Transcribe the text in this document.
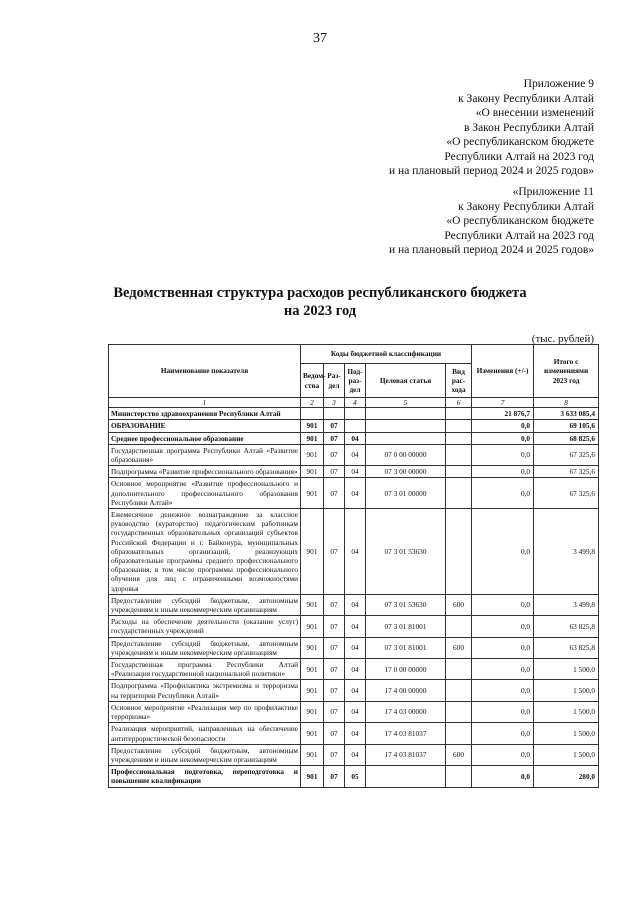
37
Приложение 9
к Закону Республики Алтай
«О внесении изменений
в Закон Республики Алтай
«О республиканском бюджете
Республики Алтай на 2023 год
и на плановый период 2024 и 2025 годов»
«Приложение 11
к Закону Республики Алтай
«О республиканском бюджете
Республики Алтай на 2023 год
и на плановый период 2024 и 2025 годов»
Ведомственная структура расходов республиканского бюджета
на 2023 год
(тыс. рублей)
Наименование показателя	Коды бюджетной классификации					Изменения (+/-)	Итого с изменениями 2023 год
	Ведом-ства	Раз-дел	Под-раз-дел	Целевая статья	Вид рас-хода		
1	2	3	4	5	6	7	8
Министерство здравоохранения Республики Алтай						21 876,7	3 633 085,4
ОБРАЗОВАНИЕ	901	07				0,0	69 105,6
Среднее профессиональное образование	901	07	04			0,0	68 825,6
Государственная программа Республики Алтай «Развитие образования»	901	07	04	07 0 00 00000		0,0	67 325,6
Подпрограмма «Развитие профессионального образования»	901	07	04	07 3 00 00000		0,0	67 325,6
Основное мероприятие «Развитие профессионального и дополнительного профессионального образования Республики Алтай»	901	07	04	07 3 01 00000		0,0	67 325,6
Ежемесячное денежное вознаграждение за классное руководство (кураторство) педагогическим работникам государственных образовательных организаций субъектов Российской Федерации и г. Байконура, муниципальных образовательных организаций, реализующих образовательные программы среднего профессионального образования, в том числе программы профессионального обучения для лиц с ограниченными возможностями здоровья	901	07	04	07 3 01 53630		0,0	3 499,8
Предоставление субсидий бюджетным, автономным учреждениям и иным некоммерческим организациям	901	07	04	07 3 01 53630	600	0,0	3 499,8
Расходы на обеспечение деятельности (оказание услуг) государственных учреждений	901	07	04	07 3 01 81001		0,0	63 825,8
Предоставление субсидий бюджетным, автономным учреждениям и иным некоммерческим организациям	901	07	04	07 3 01 81001	600	0,0	63 825,8
Государственная программа Республики Алтай «Реализация государственной национальной политики»	901	07	04	17 0 00 00000		0,0	1 500,0
Подпрограмма «Профилактика экстремизма и терроризма на территории Республики Алтай»	901	07	04	17 4 00 00000		0,0	1 500,0
Основное мероприятие «Реализация мер по профилактике терроризма»	901	07	04	17 4 03 00000		0,0	1 500,0
Реализация мероприятий, направленных на обеспечение антитеррористической безопасности	901	07	04	17 4 03 81037		0,0	1 500,0
Предоставление субсидий бюджетным, автономным учреждениям и иным некоммерческим организациям	901	07	04	17 4 03 81037	600	0,0	1 500,0
Профессиональная подготовка, переподготовка и повышение квалификации	901	07	05			0,0	280,0
